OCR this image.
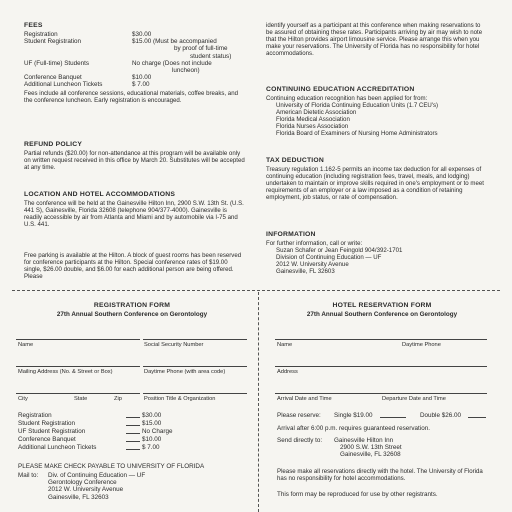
FEES
Registration	$30.00
Student Registration	$15.00 (Must be accompanied
by proof of full-time
student status)
UF (Full-time) Students	No charge (Does not include
luncheon)
Conference Banquet	$10.00
Additional Luncheon Tickets	$ 7.00
Fees include all conference sessions, educational materials, coffee breaks, and the conference luncheon. Early registration is encouraged.
REFUND POLICY
Partial refunds ($20.00) for non-attendance at this program will be available only on written request received in this office by March 20. Substitutes will be accepted at any time.
LOCATION AND HOTEL ACCOMMODATIONS
The conference will be held at the Gainesville Hilton Inn, 2900 S.W. 13th St. (U.S. 441 S), Gainesville, Florida 32608 (telephone 904/377-4000). Gainesville is readily accessible by air from Atlanta and Miami and by automobile via I-75 and U.S. 441.
Free parking is available at the Hilton. A block of guest rooms has been reserved for conference participants at the Hilton. Special conference rates of $19.00 single, $26.00 double, and $6.00 for each additional person are being offered. Please
identify yourself as a participant at this conference when making reservations to be assured of obtaining these rates. Participants arriving by air may wish to note that the Hilton provides airport limousine service. Please arrange this when you make your reservations. The University of Florida has no responsibility for hotel accommodations.
CONTINUING EDUCATION ACCREDITATION
Continuing education recognition has been applied for from:
University of Florida Continuing Education Units (1.7 CEU's)
American Dietetic Association
Florida Medical Association
Florida Nurses Association
Florida Board of Examiners of Nursing Home Administrators
TAX DEDUCTION
Treasury regulation 1.162-5 permits an income tax deduction for all expenses of continuing education (including registration fees, travel, meals, and lodging) undertaken to maintain or improve skills required in one's employment or to meet requirements of an employer or a law imposed as a condition of retaining employment, job status, or rate of compensation.
INFORMATION
For further information, call or write:
Suzan Schafer or Jean Feingold 904/392-1701
Division of Continuing Education — UF
2012 W. University Avenue
Gainesville, FL 32603
REGISTRATION FORM
27th Annual Southern Conference on Gerontology
Name	Social Security Number
Mailing Address (No. & Street or Box)	Daytime Phone (with area code)
City	State	Zip	Position Title & Organization
Registration	$30.00
Student Registration	$15.00
UF Student Registration	No Charge
Conference Banquet	$10.00
Additional Luncheon Tickets	$ 7.00
PLEASE MAKE CHECK PAYABLE TO UNIVERSITY OF FLORIDA
Mail to: Div. of Continuing Education — UF
Gerontology Conference
2012 W. University Avenue
Gainesville, FL 32603
HOTEL RESERVATION FORM
27th Annual Southern Conference on Gerontology
Name	Daytime Phone
Address
Arrival Date and Time	Departure Date and Time
Please reserve: Single $19.00	Double $26.00
Arrival after 6:00 p.m. requires guaranteed reservation.
Send directly to: Gainesville Hilton Inn
2900 S.W. 13th Street
Gainesville, FL 32608
Please make all reservations directly with the hotel. The University of Florida has no responsibility for hotel accommodations.
This form may be reproduced for use by other registrants.
